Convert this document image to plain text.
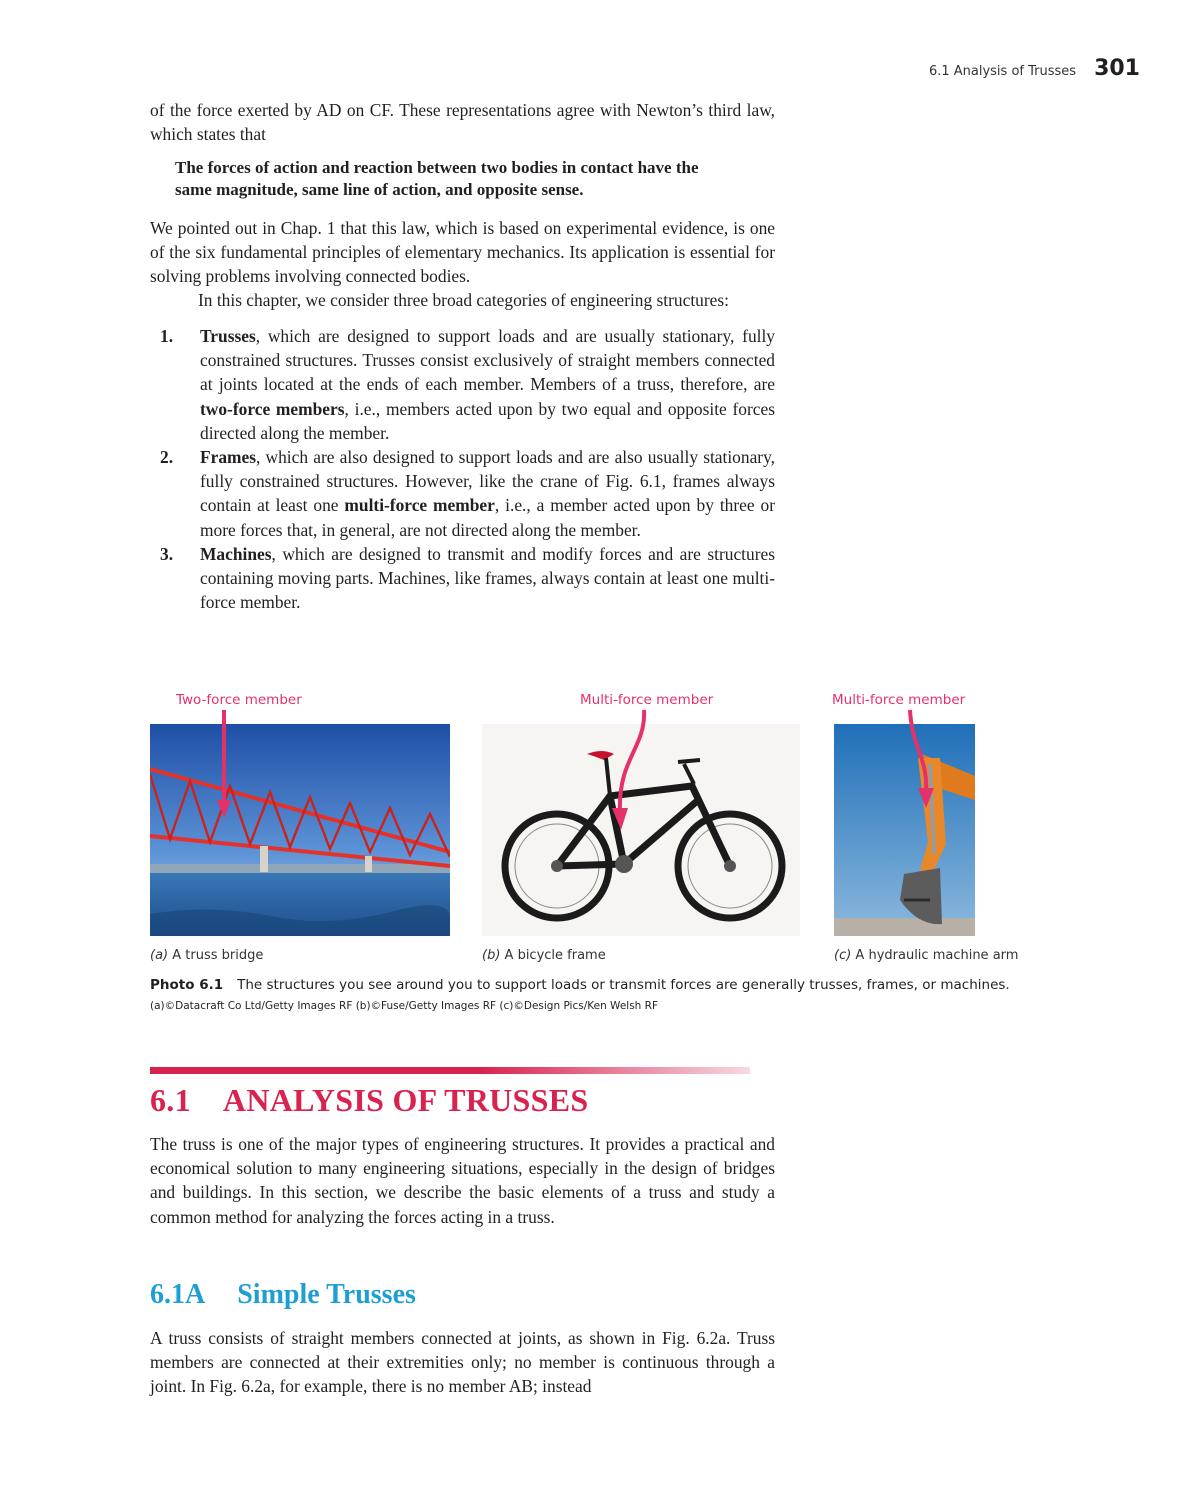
6.1 Analysis of Trusses 301

of the force exerted by AD on CF. These representations agree with Newton’s third law, which states that

The forces of action and reaction between two bodies in contact have the
same magnitude, same line of action, and opposite sense.

We pointed out in Chap. 1 that this law, which is based on experimental evidence, is one of the six fundamental principles of elementary mechanics. Its application is essential for solving problems involving connected bodies.

In this chapter, we consider three broad categories of engineering structures:

1. Trusses, which are designed to support loads and are usually stationary, fully constrained structures. Trusses consist exclusively of straight members connected at joints located at the ends of each member. Members of a truss, therefore, are two-force members, i.e., members acted upon by two equal and opposite forces directed along the member.
2. Frames, which are also designed to support loads and are also usually stationary, fully constrained structures. However, like the crane of Fig. 6.1, frames always contain at least one multi-force member, i.e., a member acted upon by three or more forces that, in general, are not directed along the member.
3. Machines, which are designed to transmit and modify forces and are structures containing moving parts. Machines, like frames, always contain at least one multi-force member.
Two-force member	Multi-force member	Multi-force member
(a) A truss bridge	(b) A bicycle frame	(c) A hydraulic machine arm
Photo 6.1 The structures you see around you to support loads or transmit forces are generally trusses, frames, or machines. (a)©Datacraft Co Ltd/Getty Images RF (b)©Fuse/Getty Images RF (c)©Design Pics/Ken Welsh RF
6.1 ANALYSIS OF TRUSSES

The truss is one of the major types of engineering structures. It provides a practical and economical solution to many engineering situations, especially in the design of bridges and buildings. In this section, we describe the basic elements of a truss and study a common method for analyzing the forces acting in a truss.

6.1A Simple Trusses

A truss consists of straight members connected at joints, as shown in Fig. 6.2a. Truss members are connected at their extremities only; no member is continuous through a joint. In Fig. 6.2a, for example, there is no member AB; instead
